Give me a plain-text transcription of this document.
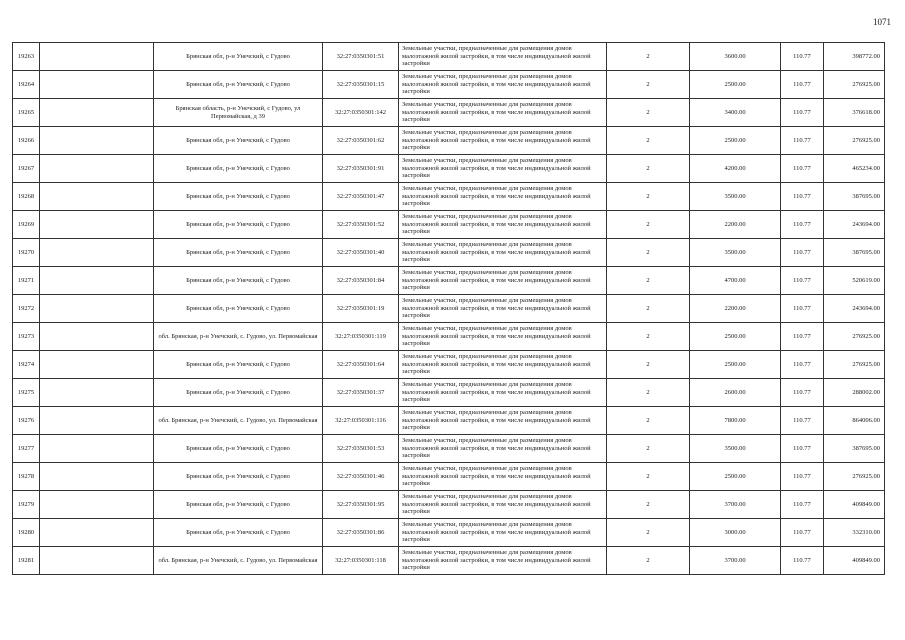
1071
19263		Брянская обл, р-н Унечский, с Гудово	32:27:0350301:51	Земельные участки, предназначенные для размещения домов малоэтажной жилой застройки, в том числе индивидуальной жилой застройки	2	3600.00	110.77	398772.00
19264		Брянская обл, р-н Унечский, с Гудово	32:27:0350301:15	Земельные участки, предназначенные для размещения домов малоэтажной жилой застройки, в том числе индивидуальной жилой застройки	2	2500.00	110.77	276925.00
19265		Брянская область, р-н Унечский, с Гудово, ул Первомайская, д 39	32:27:0350301:142	Земельные участки, предназначенные для размещения домов малоэтажной жилой застройки, в том числе индивидуальной жилой застройки	2	3400.00	110.77	376618.00
19266		Брянская обл, р-н Унечский, с Гудово	32:27:0350301:62	Земельные участки, предназначенные для размещения домов малоэтажной жилой застройки, в том числе индивидуальной жилой застройки	2	2500.00	110.77	276925.00
19267		Брянская обл, р-н Унечский, с Гудово	32:27:0350301:91	Земельные участки, предназначенные для размещения домов малоэтажной жилой застройки, в том числе индивидуальной жилой застройки	2	4200.00	110.77	465234.00
19268		Брянская обл, р-н Унечский, с Гудово	32:27:0350301:47	Земельные участки, предназначенные для размещения домов малоэтажной жилой застройки, в том числе индивидуальной жилой застройки	2	3500.00	110.77	387695.00
19269		Брянская обл, р-н Унечский, с Гудово	32:27:0350301:52	Земельные участки, предназначенные для размещения домов малоэтажной жилой застройки, в том числе индивидуальной жилой застройки	2	2200.00	110.77	243694.00
19270		Брянская обл, р-н Унечский, с Гудово	32:27:0350301:40	Земельные участки, предназначенные для размещения домов малоэтажной жилой застройки, в том числе индивидуальной жилой застройки	2	3500.00	110.77	387695.00
19271		Брянская обл, р-н Унечский, с Гудово	32:27:0350301:84	Земельные участки, предназначенные для размещения домов малоэтажной жилой застройки, в том числе индивидуальной жилой застройки	2	4700.00	110.77	520619.00
19272		Брянская обл, р-н Унечский, с Гудово	32:27:0350301:19	Земельные участки, предназначенные для размещения домов малоэтажной жилой застройки, в том числе индивидуальной жилой застройки	2	2200.00	110.77	243694.00
19273		обл. Брянская, р-н Унечский, с. Гудово, ул. Первомайская	32:27:0350301:119	Земельные участки, предназначенные для размещения домов малоэтажной жилой застройки, в том числе индивидуальной жилой застройки	2	2500.00	110.77	276925.00
19274		Брянская обл, р-н Унечский, с Гудово	32:27:0350301:64	Земельные участки, предназначенные для размещения домов малоэтажной жилой застройки, в том числе индивидуальной жилой застройки	2	2500.00	110.77	276925.00
19275		Брянская обл, р-н Унечский, с Гудово	32:27:0350301:37	Земельные участки, предназначенные для размещения домов малоэтажной жилой застройки, в том числе индивидуальной жилой застройки	2	2600.00	110.77	288002.00
19276		обл. Брянская, р-н Унечский, с. Гудово, ул. Первомайская	32:27:0350301:116	Земельные участки, предназначенные для размещения домов малоэтажной жилой застройки, в том числе индивидуальной жилой застройки	2	7800.00	110.77	864006.00
19277		Брянская обл, р-н Унечский, с Гудово	32:27:0350301:53	Земельные участки, предназначенные для размещения домов малоэтажной жилой застройки, в том числе индивидуальной жилой застройки	2	3500.00	110.77	387695.00
19278		Брянская обл, р-н Унечский, с Гудово	32:27:0350301:46	Земельные участки, предназначенные для размещения домов малоэтажной жилой застройки, в том числе индивидуальной жилой застройки	2	2500.00	110.77	276925.00
19279		Брянская обл, р-н Унечский, с Гудово	32:27:0350301:95	Земельные участки, предназначенные для размещения домов малоэтажной жилой застройки, в том числе индивидуальной жилой застройки	2	3700.00	110.77	409849.00
19280		Брянская обл, р-н Унечский, с Гудово	32:27:0350301:86	Земельные участки, предназначенные для размещения домов малоэтажной жилой застройки, в том числе индивидуальной жилой застройки	2	3000.00	110.77	332310.00
19281		обл. Брянская, р-н Унечский, с. Гудово, ул. Первомайская	32:27:0350301:118	Земельные участки, предназначенные для размещения домов малоэтажной жилой застройки, в том числе индивидуальной жилой застройки	2	3700.00	110.77	409849.00
